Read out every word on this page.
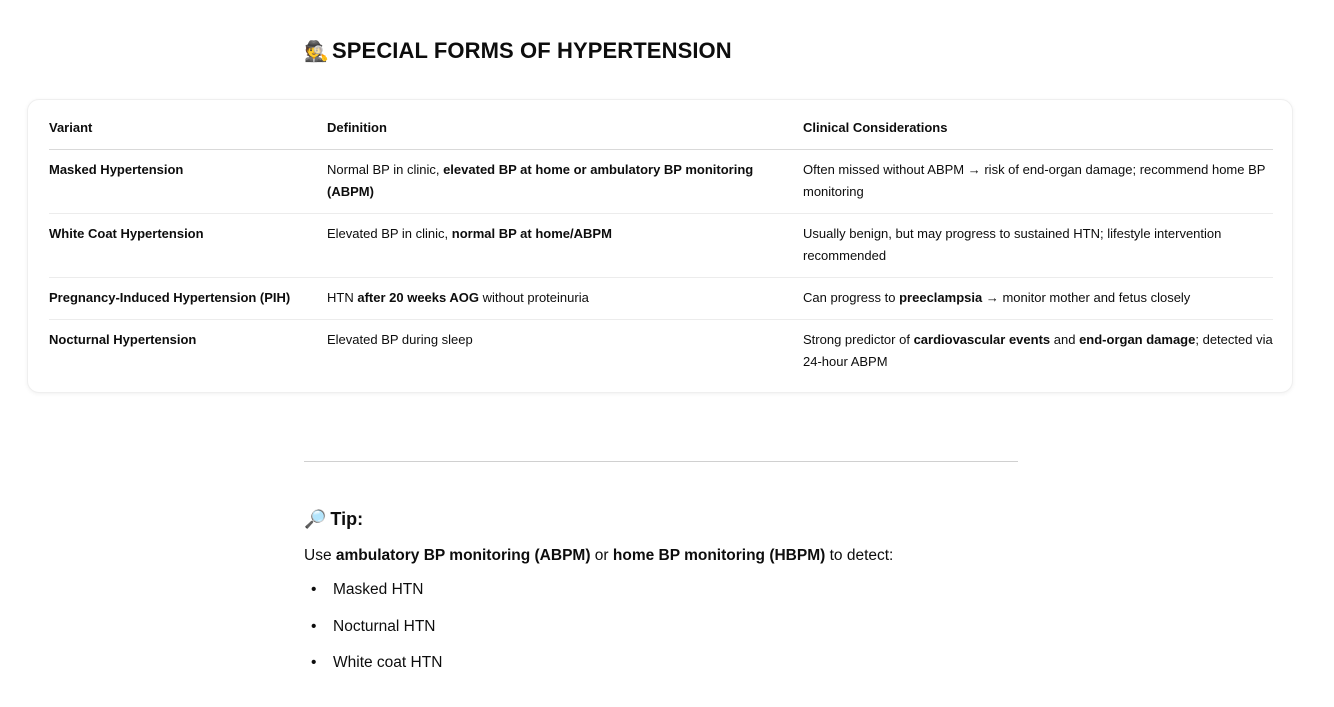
🕵 SPECIAL FORMS OF HYPERTENSION
Variant	Definition	Clinical Considerations
Masked Hypertension	Normal BP in clinic, elevated BP at home or ambulatory BP monitoring (ABPM)	Often missed without ABPM → risk of end-organ damage; recommend home BP monitoring

White Coat Hypertension	Elevated BP in clinic, normal BP at home/ABPM	Usually benign, but may progress to sustained HTN; lifestyle intervention recommended

Pregnancy-Induced Hypertension (PIH)	HTN after 20 weeks AOG without proteinuria	Can progress to preeclampsia → monitor mother and fetus closely

Nocturnal Hypertension	Elevated BP during sleep	Strong predictor of cardiovascular events and end-organ damage; detected via 24-hour ABPM
🔎 Tip:

Use ambulatory BP monitoring (ABPM) or home BP monitoring (HBPM) to detect:

•	Masked HTN
•	Nocturnal HTN
•	White coat HTN
